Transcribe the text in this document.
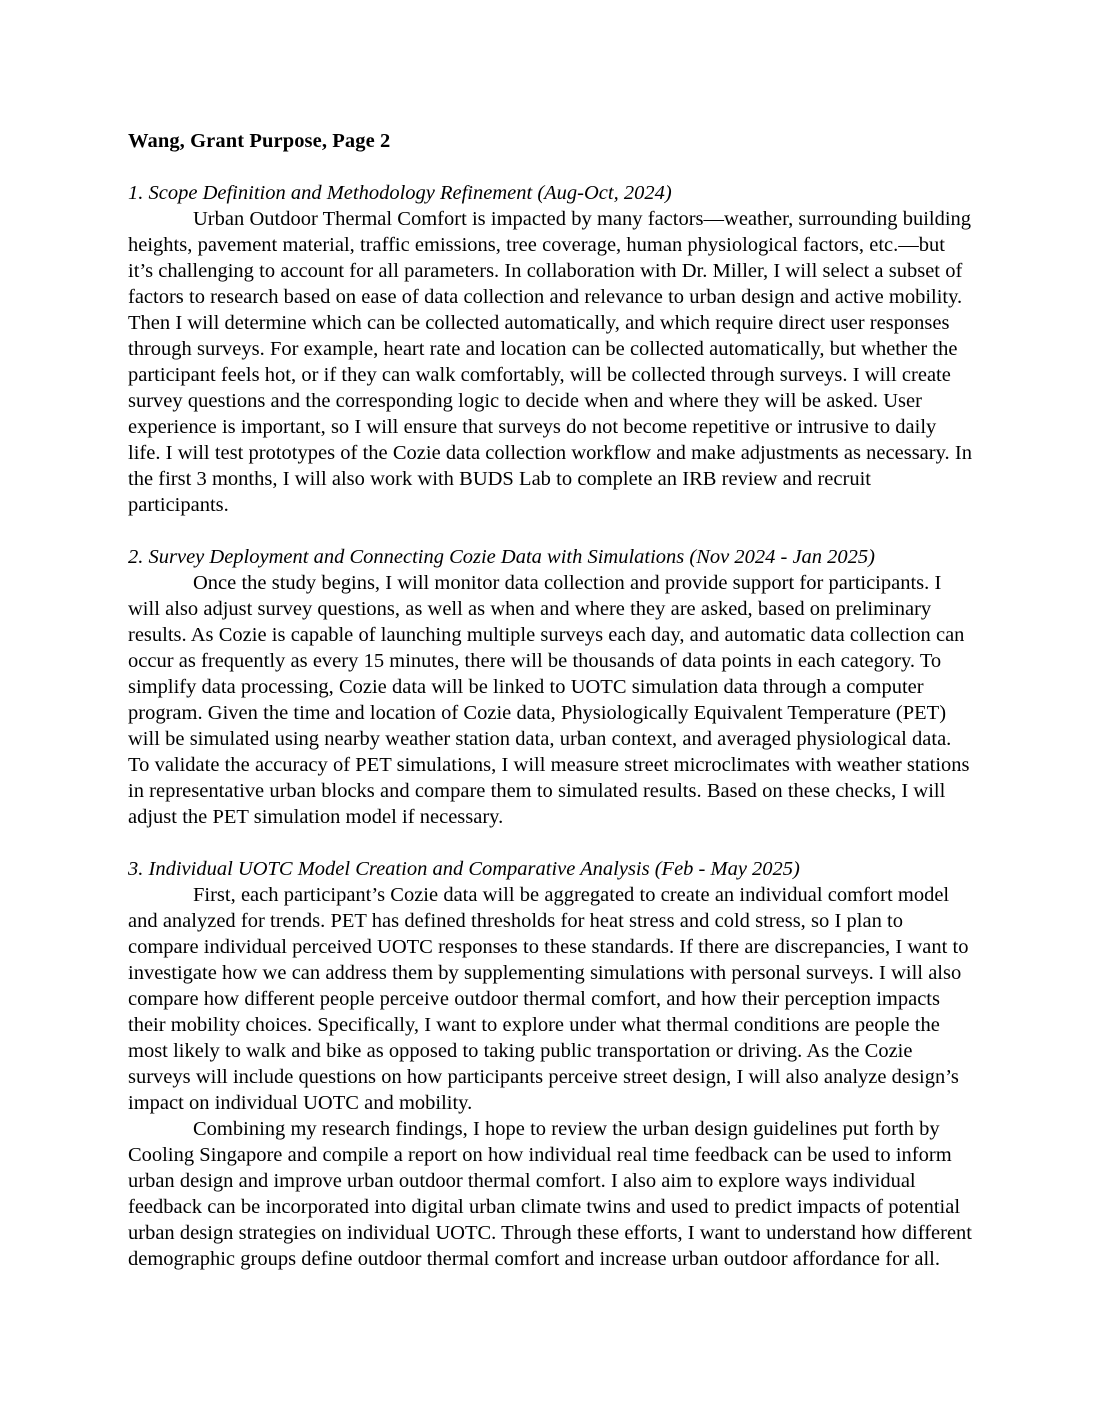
Wang, Grant Purpose, Page 2
1. Scope Definition and Methodology Refinement (Aug-Oct, 2024)

Urban Outdoor Thermal Comfort is impacted by many factors—weather, surrounding building heights, pavement material, traffic emissions, tree coverage, human physiological factors, etc.—but it’s challenging to account for all parameters. In collaboration with Dr. Miller, I will select a subset of factors to research based on ease of data collection and relevance to urban design and active mobility. Then I will determine which can be collected automatically, and which require direct user responses through surveys. For example, heart rate and location can be collected automatically, but whether the participant feels hot, or if they can walk comfortably, will be collected through surveys. I will create survey questions and the corresponding logic to decide when and where they will be asked. User experience is important, so I will ensure that surveys do not become repetitive or intrusive to daily life. I will test prototypes of the Cozie data collection workflow and make adjustments as necessary. In the first 3 months, I will also work with BUDS Lab to complete an IRB review and recruit participants.

2. Survey Deployment and Connecting Cozie Data with Simulations (Nov 2024 - Jan 2025)

Once the study begins, I will monitor data collection and provide support for participants. I will also adjust survey questions, as well as when and where they are asked, based on preliminary results. As Cozie is capable of launching multiple surveys each day, and automatic data collection can occur as frequently as every 15 minutes, there will be thousands of data points in each category. To simplify data processing, Cozie data will be linked to UOTC simulation data through a computer program. Given the time and location of Cozie data, Physiologically Equivalent Temperature (PET) will be simulated using nearby weather station data, urban context, and averaged physiological data. To validate the accuracy of PET simulations, I will measure street microclimates with weather stations in representative urban blocks and compare them to simulated results. Based on these checks, I will adjust the PET simulation model if necessary.

3. Individual UOTC Model Creation and Comparative Analysis (Feb - May 2025)

First, each participant’s Cozie data will be aggregated to create an individual comfort model and analyzed for trends. PET has defined thresholds for heat stress and cold stress, so I plan to compare individual perceived UOTC responses to these standards. If there are discrepancies, I want to investigate how we can address them by supplementing simulations with personal surveys. I will also compare how different people perceive outdoor thermal comfort, and how their perception impacts their mobility choices. Specifically, I want to explore under what thermal conditions are people the most likely to walk and bike as opposed to taking public transportation or driving. As the Cozie surveys will include questions on how participants perceive street design, I will also analyze design’s impact on individual UOTC and mobility.

Combining my research findings, I hope to review the urban design guidelines put forth by Cooling Singapore and compile a report on how individual real time feedback can be used to inform urban design and improve urban outdoor thermal comfort. I also aim to explore ways individual feedback can be incorporated into digital urban climate twins and used to predict impacts of potential urban design strategies on individual UOTC. Through these efforts, I want to understand how different demographic groups define outdoor thermal comfort and increase urban outdoor affordance for all.
